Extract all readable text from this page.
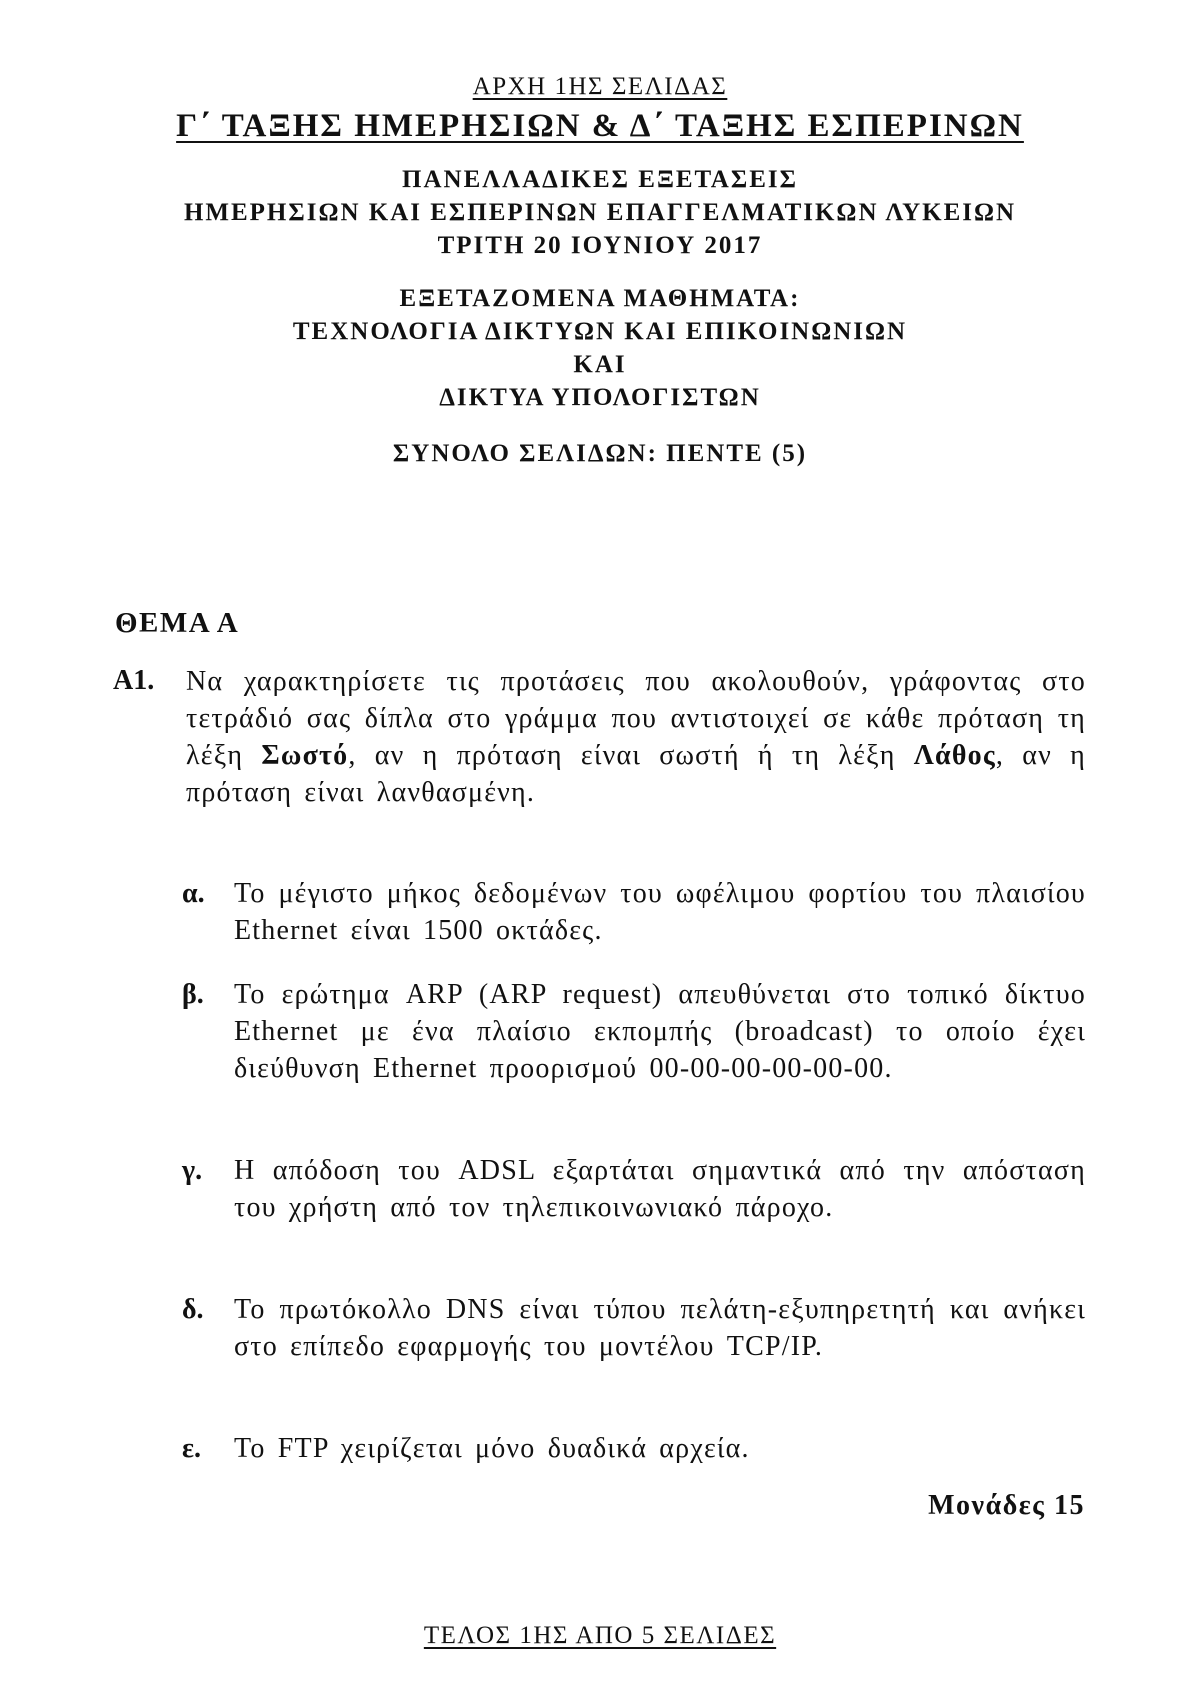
ΑΡΧΗ 1ΗΣ ΣΕΛΙΔΑΣ
Γ΄ ΤΑΞΗΣ ΗΜΕΡΗΣΙΩΝ & Δ΄ ΤΑΞΗΣ ΕΣΠΕΡΙΝΩΝ
ΠΑΝΕΛΛΑΔΙΚΕΣ ΕΞΕΤΑΣΕΙΣ
ΗΜΕΡΗΣΙΩΝ ΚΑΙ ΕΣΠΕΡΙΝΩΝ ΕΠΑΓΓΕΛΜΑΤΙΚΩΝ ΛΥΚΕΙΩΝ
ΤΡΙΤΗ 20 ΙΟΥΝΙΟΥ 2017
ΕΞΕΤΑΖΟΜΕΝΑ ΜΑΘΗΜΑΤΑ:
ΤΕΧΝΟΛΟΓΙΑ ΔΙΚΤΥΩΝ ΚΑΙ ΕΠΙΚΟΙΝΩΝΙΩΝ
ΚΑΙ
ΔΙΚΤΥΑ ΥΠΟΛΟΓΙΣΤΩΝ
ΣΥΝΟΛΟ ΣΕΛΙΔΩΝ: ΠΕΝΤΕ (5)
ΘΕΜΑ Α
Α1. Να χαρακτηρίσετε τις προτάσεις που ακολουθούν, γράφοντας στο τετράδιό σας δίπλα στο γράμμα που αντιστοιχεί σε κάθε πρόταση τη λέξη Σωστό, αν η πρόταση είναι σωστή ή τη λέξη Λάθος, αν η πρόταση είναι λανθασμένη.
α. Το μέγιστο μήκος δεδομένων του ωφέλιμου φορτίου του πλαισίου Ethernet είναι 1500 οκτάδες.
β. Το ερώτημα ARP (ARP request) απευθύνεται στο τοπικό δίκτυο Ethernet με ένα πλαίσιο εκπομπής (broadcast) το οποίο έχει διεύθυνση Ethernet προορισμού 00-00-00-00-00-00.
γ. Η απόδοση του ADSL εξαρτάται σημαντικά από την απόσταση του χρήστη από τον τηλεπικοινωνιακό πάροχο.
δ. Το πρωτόκολλο DNS είναι τύπου πελάτη-εξυπηρετητή και ανήκει στο επίπεδο εφαρμογής του μοντέλου TCP/IP.
ε. Το FTP χειρίζεται μόνο δυαδικά αρχεία.
Μονάδες 15
ΤΕΛΟΣ 1ΗΣ ΑΠΟ 5 ΣΕΛΙΔΕΣ
